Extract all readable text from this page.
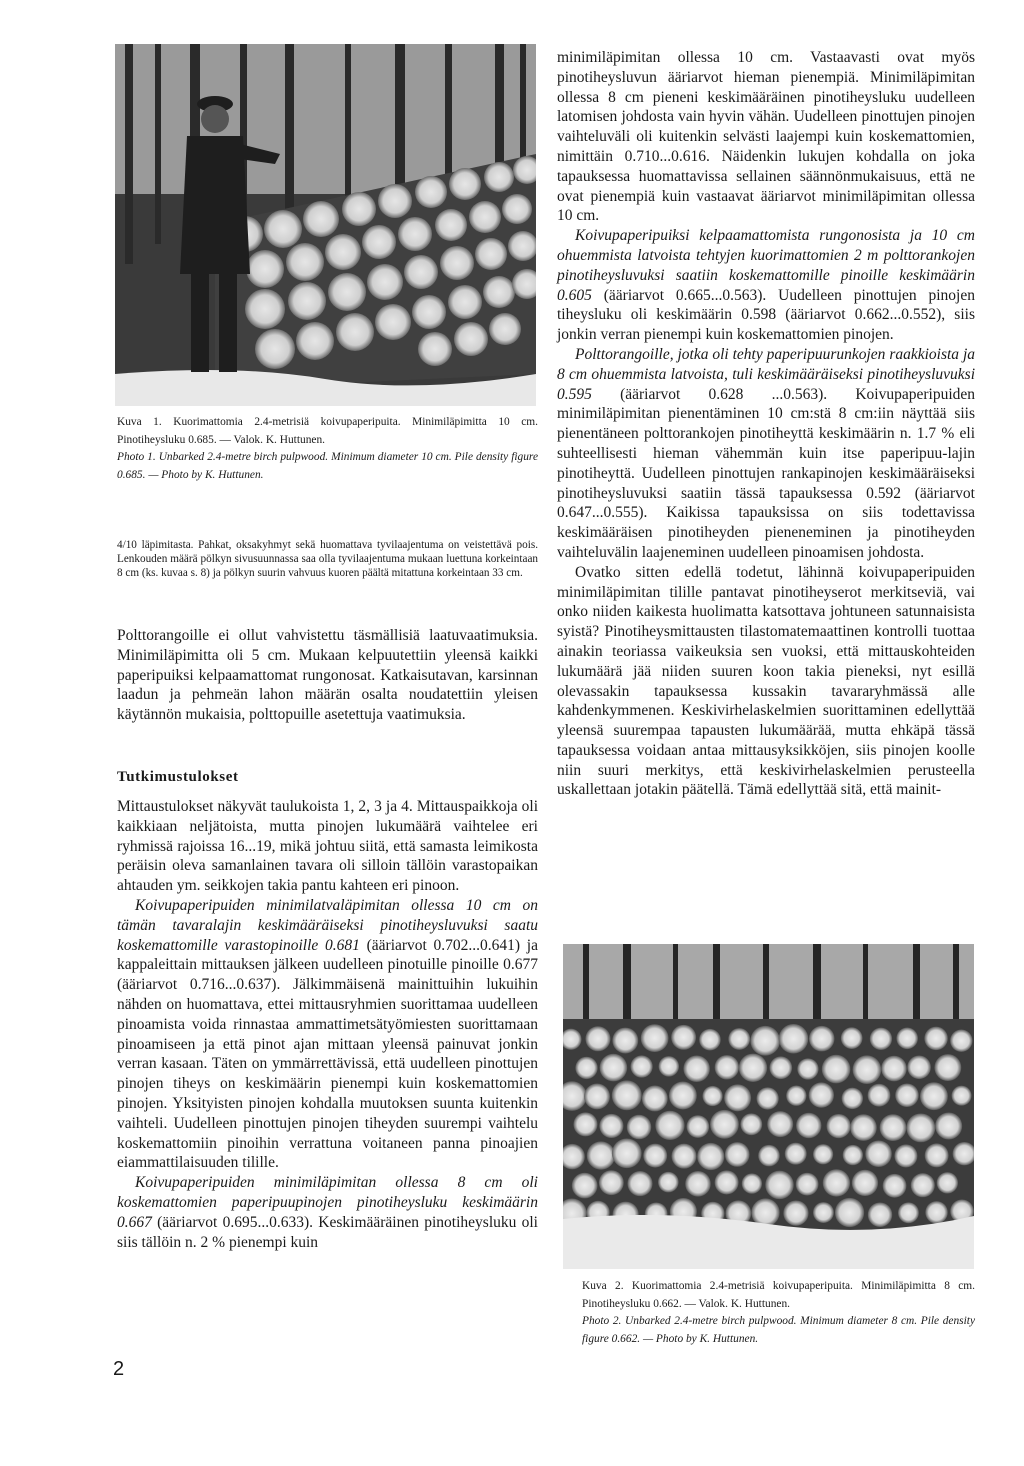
Kuva 1. Kuorimattomia 2.4-metrisiä koivupaperipuita. Minimiläpimitta 10 cm. Pinotiheysluku 0.685. — Valok. K. Huttunen.

Photo 1. Unbarked 2.4-metre birch pulpwood. Minimum diameter 10 cm. Pile density figure 0.685. — Photo by K. Huttunen.

4/10 läpimitasta. Pahkat, oksakyhmyt sekä huomattava tyvilaajentuma on veistettävä pois. Lenkouden määrä pölkyn sivusuunnassa saa olla tyvilaajentuma mukaan luettuna korkeintaan 8 cm (ks. kuvaa s. 8) ja pölkyn suurin vahvuus kuoren päältä mitattuna korkeintaan 33 cm.

Polttorangoille ei ollut vahvistettu täsmällisiä laatuvaatimuksia. Minimiläpimitta oli 5 cm. Mukaan kelpuutettiin yleensä kaikki paperipuiksi kelpaamattomat rungonosat. Katkaisutavan, karsinnan laadun ja pehmeän lahon määrän osalta noudatettiin yleisen käytännön mukaisia, polttopuille asetettuja vaatimuksia.

Tutkimustulokset

Mittaustulokset näkyvät taulukoista 1, 2, 3 ja 4. Mittauspaikkoja oli kaikkiaan neljätoista, mutta pinojen lukumäärä vaihtelee eri ryhmissä rajoissa 16...19, mikä johtuu siitä, että samasta leimikosta peräisin oleva samanlainen tavara oli silloin tällöin varastopaikan ahtauden ym. seikkojen takia pantu kahteen eri pinoon.

Koivupaperipuiden minimilatvaläpimitan ollessa 10 cm on tämän tavaralajin keskimääräiseksi pinotiheysluvuksi saatu koskemattomille varastopinoille 0.681 (ääriarvot 0.702...0.641) ja kappaleittain mittauksen jälkeen uudelleen pinotuille pinoille 0.677 (ääriarvot 0.716...0.637). Jälkimmäisenä mainittuihin lukuihin nähden on huomattava, ettei mittausryhmien suorittamaa uudelleen pinoamista voida rinnastaa ammattimetsätyömiesten suorittamaan pinoamiseen ja että pinot ajan mittaan yleensä painuvat jonkin verran kasaan. Täten on ymmärrettävissä, että uudelleen pinottujen pinojen tiheys on keskimäärin pienempi kuin koskemattomien pinojen. Yksityisten pinojen kohdalla muutoksen suunta kuitenkin vaihteli. Uudelleen pinottujen pinojen tiheyden suurempi vaihtelu koskemattomiin pinoihin verrattuna voitaneen panna pinoajien eiammattilaisuuden tilille.

Koivupaperipuiden minimiläpimitan ollessa 8 cm oli koskemattomien paperipuupinojen pinotiheysluku keskimäärin 0.667 (ääriarvot 0.695...0.633). Keskimääräinen pinotiheysluku oli siis tällöin n. 2 % pienempi kuin

minimiläpimitan ollessa 10 cm. Vastaavasti ovat myös pinotiheysluvun ääriarvot hieman pienempiä. Minimiläpimitan ollessa 8 cm pieneni keskimääräinen pinotiheysluku uudelleen latomisen johdosta vain hyvin vähän. Uudelleen pinottujen pinojen vaihteluväli oli kuitenkin selvästi laajempi kuin koskemattomien, nimittäin 0.710...0.616. Näidenkin lukujen kohdalla on joka tapauksessa huomattavissa sellainen säännönmukaisuus, että ne ovat pienempiä kuin vastaavat ääriarvot minimiläpimitan ollessa 10 cm.

Koivupaperipuiksi kelpaamattomista rungonosista ja 10 cm ohuemmista latvoista tehtyjen kuorimattomien 2 m polttorankojen pinotiheysluvuksi saatiin koskemattomille pinoille keskimäärin 0.605 (ääriarvot 0.665...0.563). Uudelleen pinottujen pinojen tiheysluku oli keskimäärin 0.598 (ääriarvot 0.662...0.552), siis jonkin verran pienempi kuin koskemattomien pinojen.

Polttorangoille, jotka oli tehty paperipuurunkojen raakkioista ja 8 cm ohuemmista latvoista, tuli keskimääräiseksi pinotiheysluvuksi 0.595 (ääriarvot 0.628 ...0.563). Koivupaperipuiden minimiläpimitan pienentäminen 10 cm:stä 8 cm:iin näyttää siis pienentäneen polttorankojen pinotiheyttä keskimäärin n. 1.7 % eli suhteellisesti hieman vähemmän kuin itse paperipuu-lajin pinotiheyttä. Uudelleen pinottujen rankapinojen keskimääräiseksi pinotiheysluvuksi saatiin tässä tapauksessa 0.592 (ääriarvot 0.647...0.555). Kaikissa tapauksissa on siis todettavissa keskimääräisen pinotiheyden pieneneminen ja pinotiheyden vaihteluvälin laajeneminen uudelleen pinoamisen johdosta.

Ovatko sitten edellä todetut, lähinnä koivupaperipuiden minimiläpimitan tilille pantavat pinotiheyserot merkitseviä, vai onko niiden kaikesta huolimatta katsottava johtuneen satunnaisista syistä? Pinotiheysmittausten tilastomatemaattinen kontrolli tuottaa ainakin teoriassa vaikeuksia sen vuoksi, että mittauskohteiden lukumäärä jää niiden suuren koon takia pieneksi, nyt esillä olevassakin tapauksessa kussakin tavararyhmässä alle kahdenkymmenen. Keskivirhelaskelmien suorittaminen edellyttää yleensä suurempaa tapausten lukumäärää, mutta ehkäpä tässä tapauksessa voidaan antaa mittausyksikköjen, siis pinojen koolle niin suuri merkitys, että keskivirhelaskelmien perusteella uskallettaan jotakin päätellä. Tämä edellyttää sitä, että mainit-

Kuva 2. Kuorimattomia 2.4-metrisiä koivupaperipuita. Minimiläpimitta 8 cm. Pinotiheysluku 0.662. — Valok. K. Huttunen.

Photo 2. Unbarked 2.4-metre birch pulpwood. Minimum diameter 8 cm. Pile density figure 0.662. — Photo by K. Huttunen.

2
